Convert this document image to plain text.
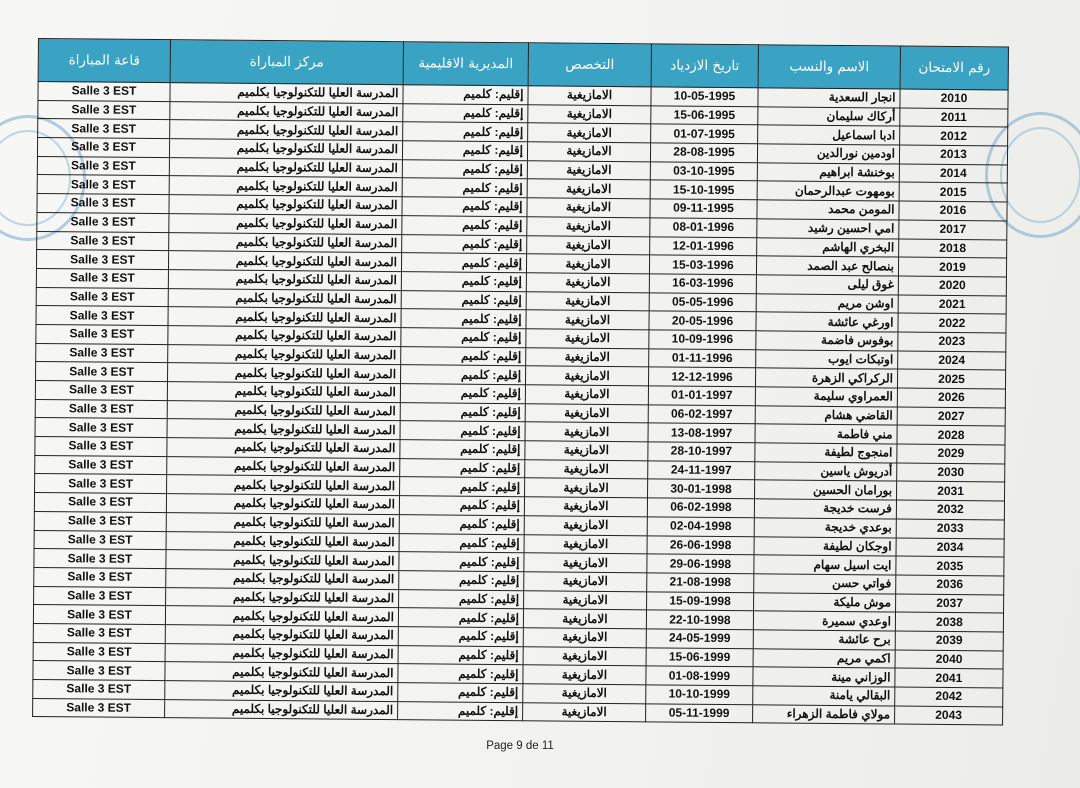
قاعة المباراة	مركز المباراة	المديرية الاقليمية	التخصص	تاريخ الازدياد	الاسم والنسب	رقم الامتحان
Salle 3 EST	المدرسة العليا للتكنولوجيا بكلميم	إقليم: كلميم	الامازيغية	10-05-1995	انجار السعدية	2010
Salle 3 EST	المدرسة العليا للتكنولوجيا بكلميم	إقليم: كلميم	الامازيغية	15-06-1995	أركاك سليمان	2011
Salle 3 EST	المدرسة العليا للتكنولوجيا بكلميم	إقليم: كلميم	الامازيغية	01-07-1995	ادبا اسماعيل	2012
Salle 3 EST	المدرسة العليا للتكنولوجيا بكلميم	إقليم: كلميم	الامازيغية	28-08-1995	اودمين نورالدين	2013
Salle 3 EST	المدرسة العليا للتكنولوجيا بكلميم	إقليم: كلميم	الامازيغية	03-10-1995	بوخنشة ابراهيم	2014
Salle 3 EST	المدرسة العليا للتكنولوجيا بكلميم	إقليم: كلميم	الامازيغية	15-10-1995	بومهوت عبدالرحمان	2015
Salle 3 EST	المدرسة العليا للتكنولوجيا بكلميم	إقليم: كلميم	الامازيغية	09-11-1995	المومن محمد	2016
Salle 3 EST	المدرسة العليا للتكنولوجيا بكلميم	إقليم: كلميم	الامازيغية	08-01-1996	امي احسين رشيد	2017
Salle 3 EST	المدرسة العليا للتكنولوجيا بكلميم	إقليم: كلميم	الامازيغية	12-01-1996	البخري الهاشم	2018
Salle 3 EST	المدرسة العليا للتكنولوجيا بكلميم	إقليم: كلميم	الامازيغية	15-03-1996	بنصالح عبد الصمد	2019
Salle 3 EST	المدرسة العليا للتكنولوجيا بكلميم	إقليم: كلميم	الامازيغية	16-03-1996	غوق ليلى	2020
Salle 3 EST	المدرسة العليا للتكنولوجيا بكلميم	إقليم: كلميم	الامازيغية	05-05-1996	اوشن مريم	2021
Salle 3 EST	المدرسة العليا للتكنولوجيا بكلميم	إقليم: كلميم	الامازيغية	20-05-1996	اورغي عائشة	2022
Salle 3 EST	المدرسة العليا للتكنولوجيا بكلميم	إقليم: كلميم	الامازيغية	10-09-1996	بوفوس فاضمة	2023
Salle 3 EST	المدرسة العليا للتكنولوجيا بكلميم	إقليم: كلميم	الامازيغية	01-11-1996	اوتبكات ايوب	2024
Salle 3 EST	المدرسة العليا للتكنولوجيا بكلميم	إقليم: كلميم	الامازيغية	12-12-1996	الركراكي الزهرة	2025
Salle 3 EST	المدرسة العليا للتكنولوجيا بكلميم	إقليم: كلميم	الامازيغية	01-01-1997	العمراوي سليمة	2026
Salle 3 EST	المدرسة العليا للتكنولوجيا بكلميم	إقليم: كلميم	الامازيغية	06-02-1997	القاضي هشام	2027
Salle 3 EST	المدرسة العليا للتكنولوجيا بكلميم	إقليم: كلميم	الامازيغية	13-08-1997	مني فاطمة	2028
Salle 3 EST	المدرسة العليا للتكنولوجيا بكلميم	إقليم: كلميم	الامازيغية	28-10-1997	امنجوج لطيفة	2029
Salle 3 EST	المدرسة العليا للتكنولوجيا بكلميم	إقليم: كلميم	الامازيغية	24-11-1997	أدريوش ياسين	2030
Salle 3 EST	المدرسة العليا للتكنولوجيا بكلميم	إقليم: كلميم	الامازيغية	30-01-1998	بورامان الحسين	2031
Salle 3 EST	المدرسة العليا للتكنولوجيا بكلميم	إقليم: كلميم	الامازيغية	06-02-1998	فرست خديجة	2032
Salle 3 EST	المدرسة العليا للتكنولوجيا بكلميم	إقليم: كلميم	الامازيغية	02-04-1998	بوعدي خديجة	2033
Salle 3 EST	المدرسة العليا للتكنولوجيا بكلميم	إقليم: كلميم	الامازيغية	26-06-1998	اوجكان لطيفة	2034
Salle 3 EST	المدرسة العليا للتكنولوجيا بكلميم	إقليم: كلميم	الامازيغية	29-06-1998	ايت اسيل سهام	2035
Salle 3 EST	المدرسة العليا للتكنولوجيا بكلميم	إقليم: كلميم	الامازيغية	21-08-1998	فواتي حسن	2036
Salle 3 EST	المدرسة العليا للتكنولوجيا بكلميم	إقليم: كلميم	الامازيغية	15-09-1998	موش مليكة	2037
Salle 3 EST	المدرسة العليا للتكنولوجيا بكلميم	إقليم: كلميم	الامازيغية	22-10-1998	اوعدي سميرة	2038
Salle 3 EST	المدرسة العليا للتكنولوجيا بكلميم	إقليم: كلميم	الامازيغية	24-05-1999	برح عائشة	2039
Salle 3 EST	المدرسة العليا للتكنولوجيا بكلميم	إقليم: كلميم	الامازيغية	15-06-1999	اكمي مريم	2040
Salle 3 EST	المدرسة العليا للتكنولوجيا بكلميم	إقليم: كلميم	الامازيغية	01-08-1999	الوزاني مينة	2041
Salle 3 EST	المدرسة العليا للتكنولوجيا بكلميم	إقليم: كلميم	الامازيغية	10-10-1999	البقالي يامنة	2042
Salle 3 EST	المدرسة العليا للتكنولوجيا بكلميم	إقليم: كلميم	الامازيغية	05-11-1999	مولاي فاطمة الزهراء	2043
Page 9 de 11
